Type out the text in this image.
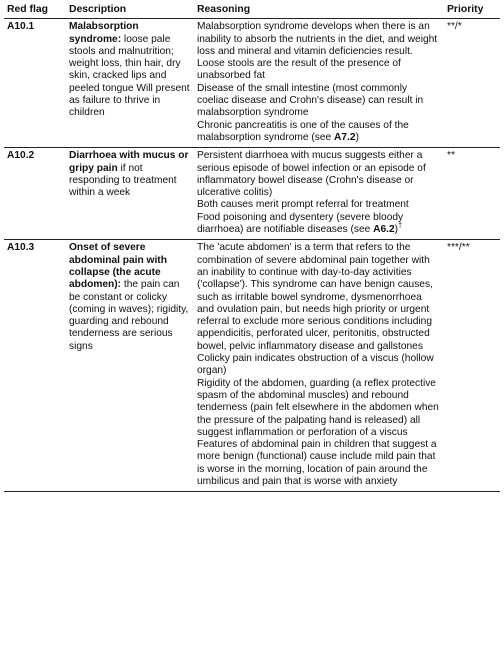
Red flag	Description	Reasoning	Priority
A10.1	Malabsorption syndrome: loose pale stools and malnutrition; weight loss, thin hair, dry skin, cracked lips and peeled tongue Will present as failure to thrive in children	Malabsorption syndrome develops when there is an inability to absorb the nutrients in the diet, and weight loss and mineral and vitamin deficiencies result. Loose stools are the result of the presence of unabsorbed fat
Disease of the small intestine (most commonly coeliac disease and Crohn's disease) can result in malabsorption syndrome
Chronic pancreatitis is one of the causes of the malabsorption syndrome (see A7.2)	**/*
A10.2	Diarrhoea with mucus or gripy pain if not responding to treatment within a week	Persistent diarrhoea with mucus suggests either a serious episode of bowel infection or an episode of inflammatory bowel disease (Crohn's disease or ulcerative colitis)
Both causes merit prompt referral for treatment
Food poisoning and dysentery (severe bloody diarrhoea) are notifiable diseases (see A6.2)†	**
A10.3	Onset of severe abdominal pain with collapse (the acute abdomen): the pain can be constant or colicky (coming in waves); rigidity, guarding and rebound tenderness are serious signs	The 'acute abdomen' is a term that refers to the combination of severe abdominal pain together with an inability to continue with day-to-day activities ('collapse'). This syndrome can have benign causes, such as irritable bowel syndrome, dysmenorrhoea and ovulation pain, but needs high priority or urgent referral to exclude more serious conditions including appendicitis, perforated ulcer, peritonitis, obstructed bowel, pelvic inflammatory disease and gallstones
Colicky pain indicates obstruction of a viscus (hollow organ)
Rigidity of the abdomen, guarding (a reflex protective spasm of the abdominal muscles) and rebound tenderness (pain felt elsewhere in the abdomen when the pressure of the palpating hand is released) all suggest inflammation or perforation of a viscus
Features of abdominal pain in children that suggest a more benign (functional) cause include mild pain that is worse in the morning, location of pain around the umbilicus and pain that is worse with anxiety	***/**
